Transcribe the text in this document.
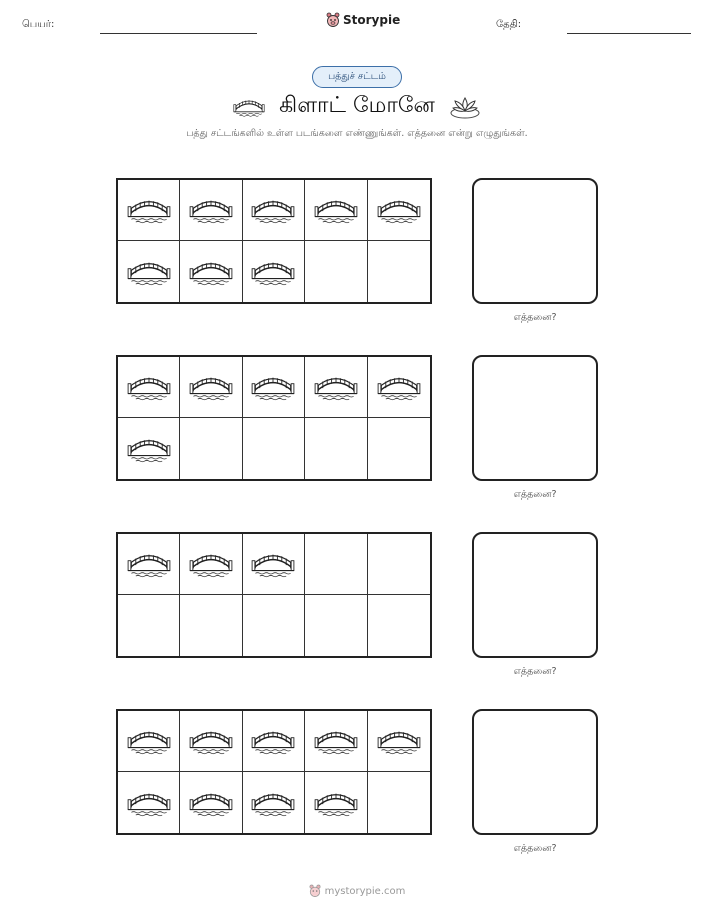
பெயர்:	Storypie	தேதி:
பத்துச் சட்டம்
கிளாட் மோனே
பத்து சட்டங்களில் உள்ள படங்களை எண்ணுங்கள். எத்தனை என்று எழுதுங்கள்.
எத்தனை?
எத்தனை?
எத்தனை?
எத்தனை?
mystorypie.com
